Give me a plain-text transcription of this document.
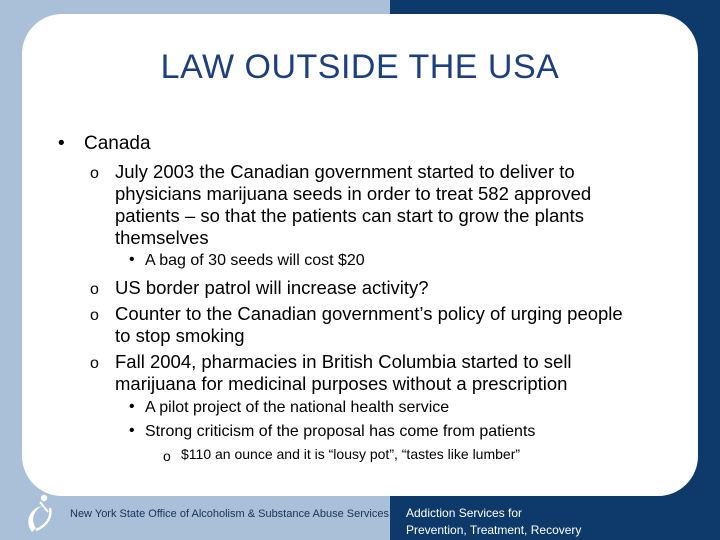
LAW OUTSIDE THE USA
• Canada
o July 2003 the Canadian government started to deliver to
physicians marijuana seeds in order to treat 582 approved
patients – so that the patients can start to grow the plants
themselves
• A bag of 30 seeds will cost $20
o US border patrol will increase activity?
o Counter to the Canadian government’s policy of urging people
to stop smoking
o Fall 2004, pharmacies in British Columbia started to sell
marijuana for medicinal purposes without a prescription
• A pilot project of the national health service
• Strong criticism of the proposal has come from patients
o $110 an ounce and it is “lousy pot”, “tastes like lumber”
New York State Office of Alcoholism & Substance Abuse Services Addiction Services for
Prevention, Treatment, Recovery
